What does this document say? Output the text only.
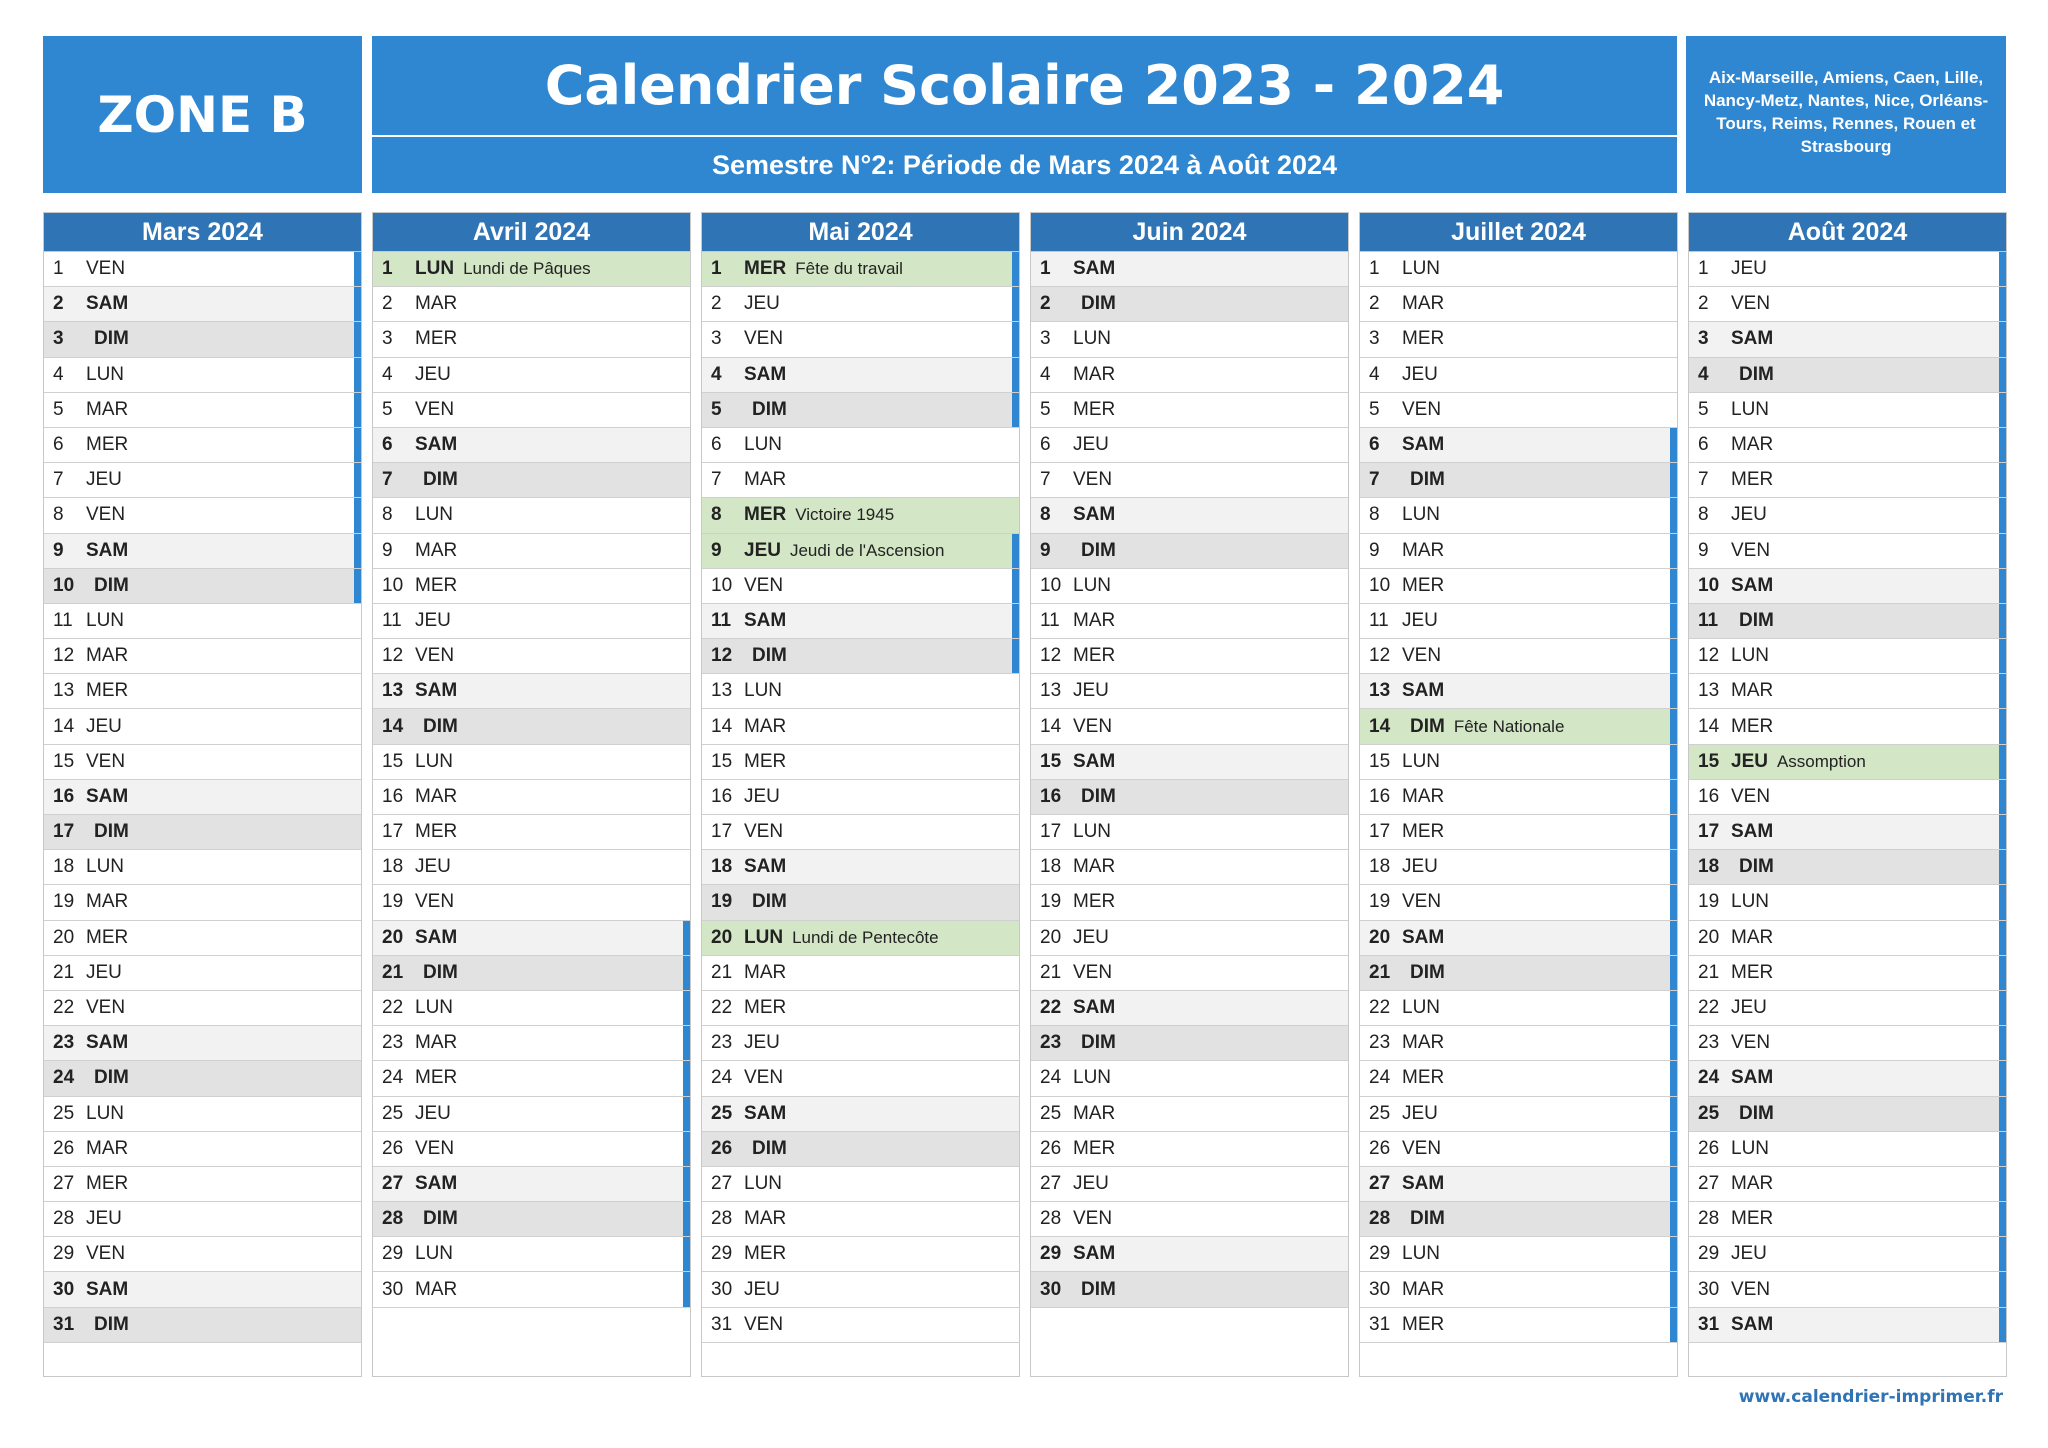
ZONE B	Calendrier Scolaire 2023 - 2024
Semestre N°2: Période de Mars 2024 à Août 2024
Aix-Marseille, Amiens, Caen, Lille, Nancy-Metz, Nantes, Nice, Orléans-Tours, Reims, Rennes, Rouen et Strasbourg
Mars 2024
1	VEN
2	SAM
3	DIM
4	LUN
5	MAR
6	MER
7	JEU
8	VEN
9	SAM
10	DIM
11 LUN
12 MAR
13 MER
14 JEU
15 VEN
16 SAM
17	DIM
18 LUN
19 MAR
20 MER
21 JEU
22 VEN
23 SAM
24	DIM
25 LUN
26 MAR
27 MER
28 JEU
29 VEN
30 SAM
31	DIM
Avril 2024
1	LUN Lundi de Pâques
2	MAR
3	MER
4	JEU
5	VEN
6	SAM
7	DIM
8	LUN
9	MAR
10 MER
11 JEU
12 VEN
13 SAM
14	DIM
15 LUN
16 MAR
17 MER
18 JEU
19 VEN
20 SAM
21	DIM
22 LUN
23 MAR
24 MER
25 JEU
26 VEN
27 SAM
28	DIM
29 LUN
30 MAR
Mai 2024
1	MER Fête du travail
2	JEU
3	VEN
4	SAM
5	DIM
6	LUN
7	MAR
8	MER Victoire 1945
9	JEU Jeudi de l'Ascension
10 VEN
11 SAM
12	DIM
13 LUN
14 MAR
15 MER
16 JEU
17 VEN
18 SAM
19	DIM
20 LUN Lundi de Pentecôte
21 MAR
22 MER
23 JEU
24 VEN
25 SAM
26	DIM
27 LUN
28 MAR
29 MER
30 JEU
31 VEN
Juin 2024
1	SAM
2	DIM
3	LUN
4	MAR
5	MER
6	JEU
7	VEN
8	SAM
9	DIM
10 LUN
11 MAR
12 MER
13 JEU
14 VEN
15 SAM
16	DIM
17 LUN
18 MAR
19 MER
20 JEU
21 VEN
22 SAM
23	DIM
24 LUN
25 MAR
26 MER
27 JEU
28 VEN
29 SAM
30	DIM
Juillet 2024
1	LUN
2	MAR
3	MER
4	JEU
5	VEN
6	SAM
7	DIM
8	LUN
9	MAR
10 MER
11 JEU
12 VEN
13 SAM
14	DIM Fête Nationale
15 LUN
16 MAR
17 MER
18 JEU
19 VEN
20 SAM
21	DIM
22 LUN
23 MAR
24 MER
25 JEU
26 VEN
27 SAM
28	DIM
29 LUN
30 MAR
31 MER
Août 2024
1	JEU
2	VEN
3	SAM
4	DIM
5	LUN
6	MAR
7	MER
8	JEU
9	VEN
10 SAM
11	DIM
12 LUN
13 MAR
14 MER
15 JEU Assomption
16 VEN
17 SAM
18	DIM
19 LUN
20 MAR
21 MER
22 JEU
23 VEN
24 SAM
25	DIM
26 LUN
27 MAR
28 MER
29 JEU
30 VEN
31 SAM
www.calendrier-imprimer.fr
